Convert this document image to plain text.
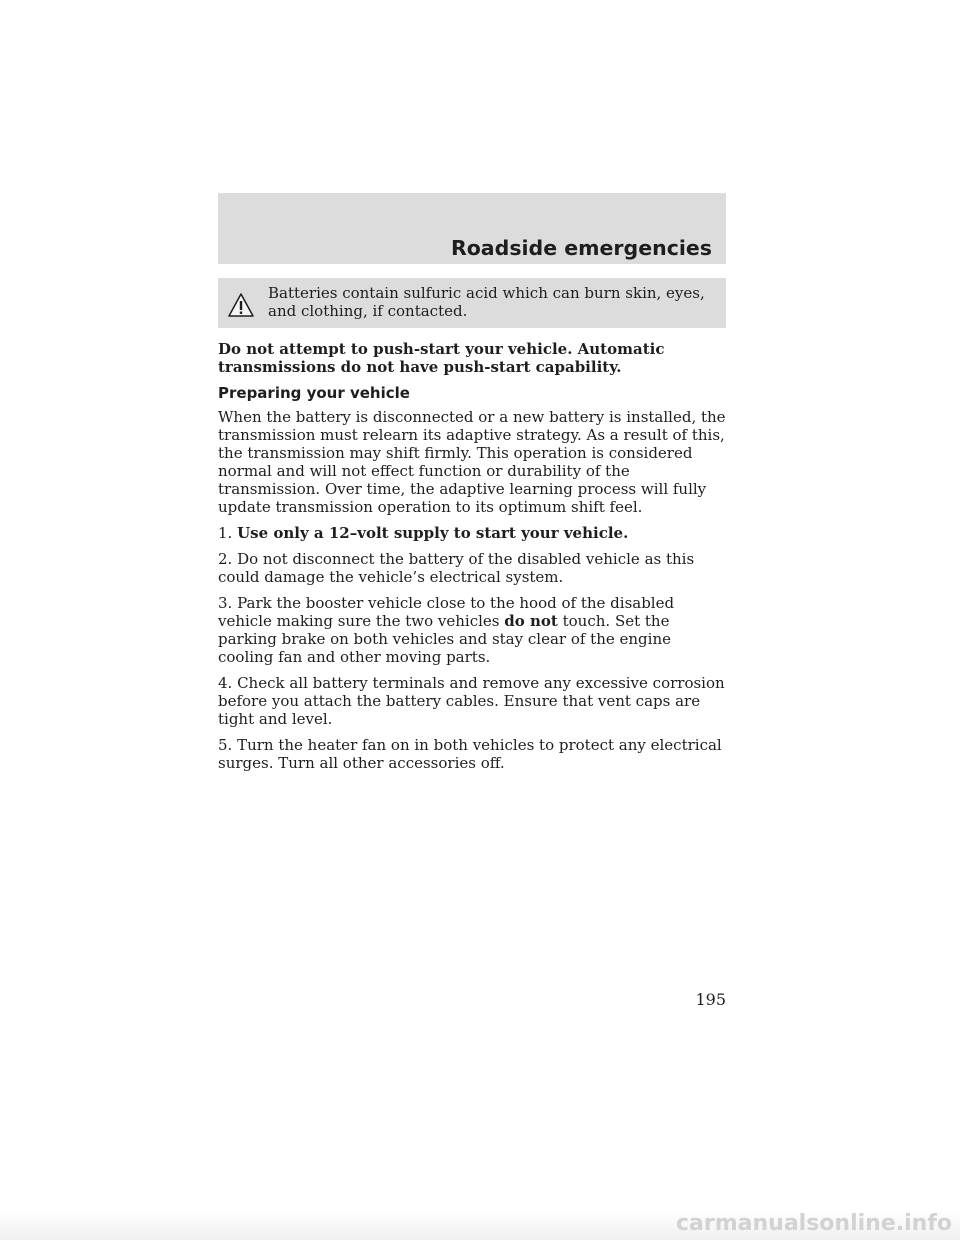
Roadside emergencies
Batteries contain sulfuric acid which can burn skin, eyes, and clothing, if contacted.

Do not attempt to push-start your vehicle. Automatic transmissions do not have push-start capability.

Preparing your vehicle

When the battery is disconnected or a new battery is installed, the transmission must relearn its adaptive strategy. As a result of this, the transmission may shift firmly. This operation is considered normal and will not effect function or durability of the transmission. Over time, the adaptive learning process will fully update transmission operation to its optimum shift feel.

1. Use only a 12–volt supply to start your vehicle.

2. Do not disconnect the battery of the disabled vehicle as this could damage the vehicle’s electrical system.

3. Park the booster vehicle close to the hood of the disabled vehicle making sure the two vehicles do not touch. Set the parking brake on both vehicles and stay clear of the engine cooling fan and other moving parts.

4. Check all battery terminals and remove any excessive corrosion before you attach the battery cables. Ensure that vent caps are tight and level.

5. Turn the heater fan on in both vehicles to protect any electrical surges. Turn all other accessories off.

195
carmanualsonline.info
